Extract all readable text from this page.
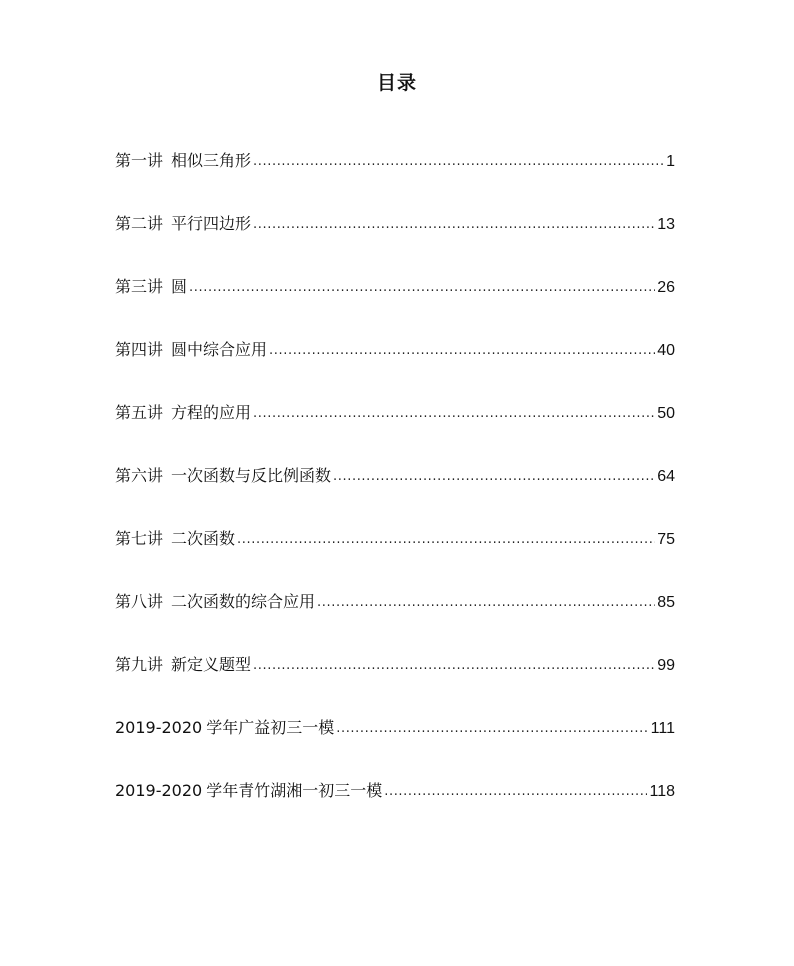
目录
第一讲 相似三角形 .....	1
第二讲 平行四边形 .....	13
第三讲 圆 .....	26
第四讲 圆中综合应用 .....	40
第五讲 方程的应用 .....	50
第六讲 一次函数与反比例函数 .....	64
第七讲 二次函数 .....	75
第八讲 二次函数的综合应用 .....	85
第九讲 新定义题型 .....	99
2019-2020 学年广益初三一模 .....	111
2019-2020 学年青竹湖湘一初三一模 .....	118
